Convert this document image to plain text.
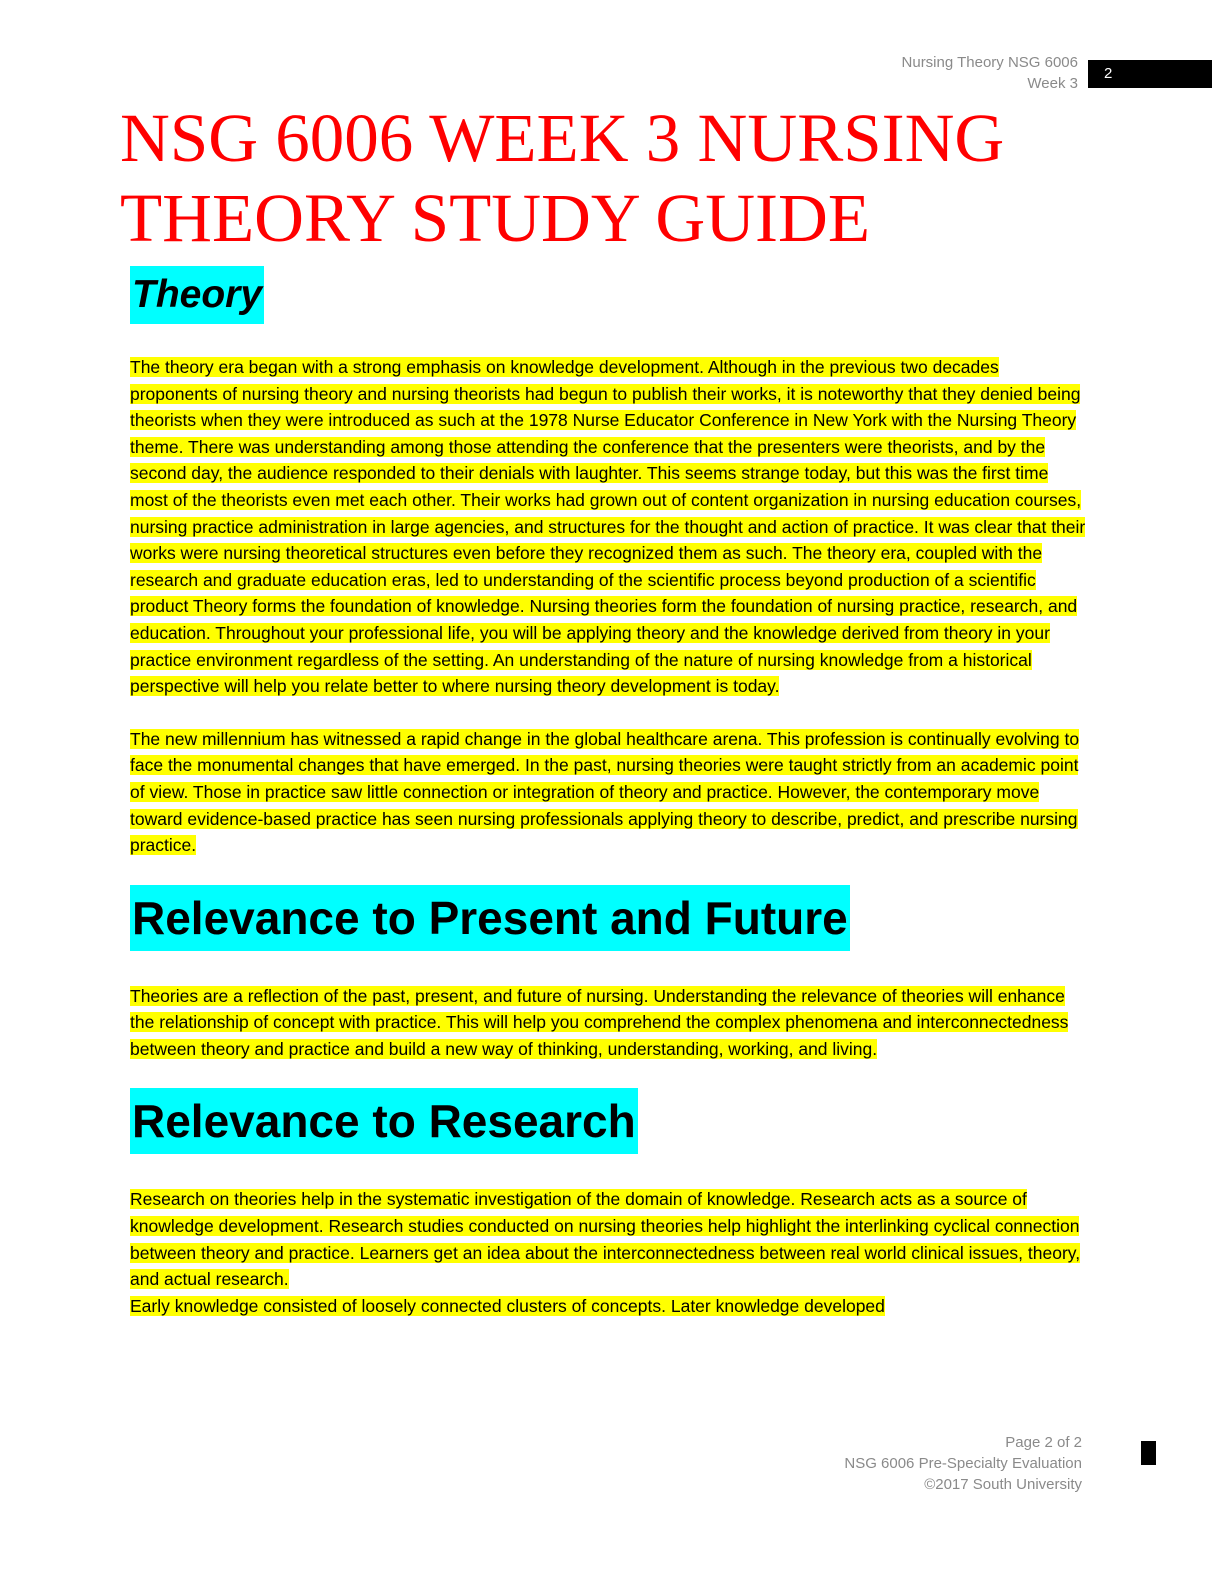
Nursing Theory NSG 6006
Week 3
2
NSG 6006 WEEK 3 NURSING
THEORY STUDY GUIDE
Theory

The theory era began with a strong emphasis on knowledge development. Although in the previous two decades proponents of nursing theory and nursing theorists had begun to publish their works, it is noteworthy that they denied being theorists when they were introduced as such at the 1978 Nurse Educator Conference in New York with the Nursing Theory theme. There was understanding among those attending the conference that the presenters were theorists, and by the second day, the audience responded to their denials with laughter. This seems strange today, but this was the first time most of the theorists even met each other. Their works had grown out of content organization in nursing education courses, nursing practice administration in large agencies, and structures for the thought and action of practice. It was clear that their works were nursing theoretical structures even before they recognized them as such. The theory era, coupled with the research and graduate education eras, led to understanding of the scientific process beyond production of a scientific product Theory forms the foundation of knowledge. Nursing theories form the foundation of nursing practice, research, and education. Throughout your professional life, you will be applying theory and the knowledge derived from theory in your practice environment regardless of the setting. An understanding of the nature of nursing knowledge from a historical perspective will help you relate better to where nursing theory development is today.

The new millennium has witnessed a rapid change in the global healthcare arena. This profession is continually evolving to face the monumental changes that have emerged. In the past, nursing theories were taught strictly from an academic point of view. Those in practice saw little connection or integration of theory and practice. However, the contemporary move toward evidence-based practice has seen nursing professionals applying theory to describe, predict, and prescribe nursing practice.

Relevance to Present and Future

Theories are a reflection of the past, present, and future of nursing. Understanding the relevance of theories will enhance the relationship of concept with practice. This will help you comprehend the complex phenomena and interconnectedness between theory and practice and build a new way of thinking, understanding, working, and living.

Relevance to Research

Research on theories help in the systematic investigation of the domain of knowledge. Research acts as a source of knowledge development. Research studies conducted on nursing theories help highlight the interlinking cyclical connection between theory and practice. Learners get an idea about the interconnectedness between real world clinical issues, theory, and actual research.

Early knowledge consisted of loosely connected clusters of concepts. Later knowledge developed

Page 2 of 2
NSG 6006 Pre-Specialty Evaluation
©2017 South University
